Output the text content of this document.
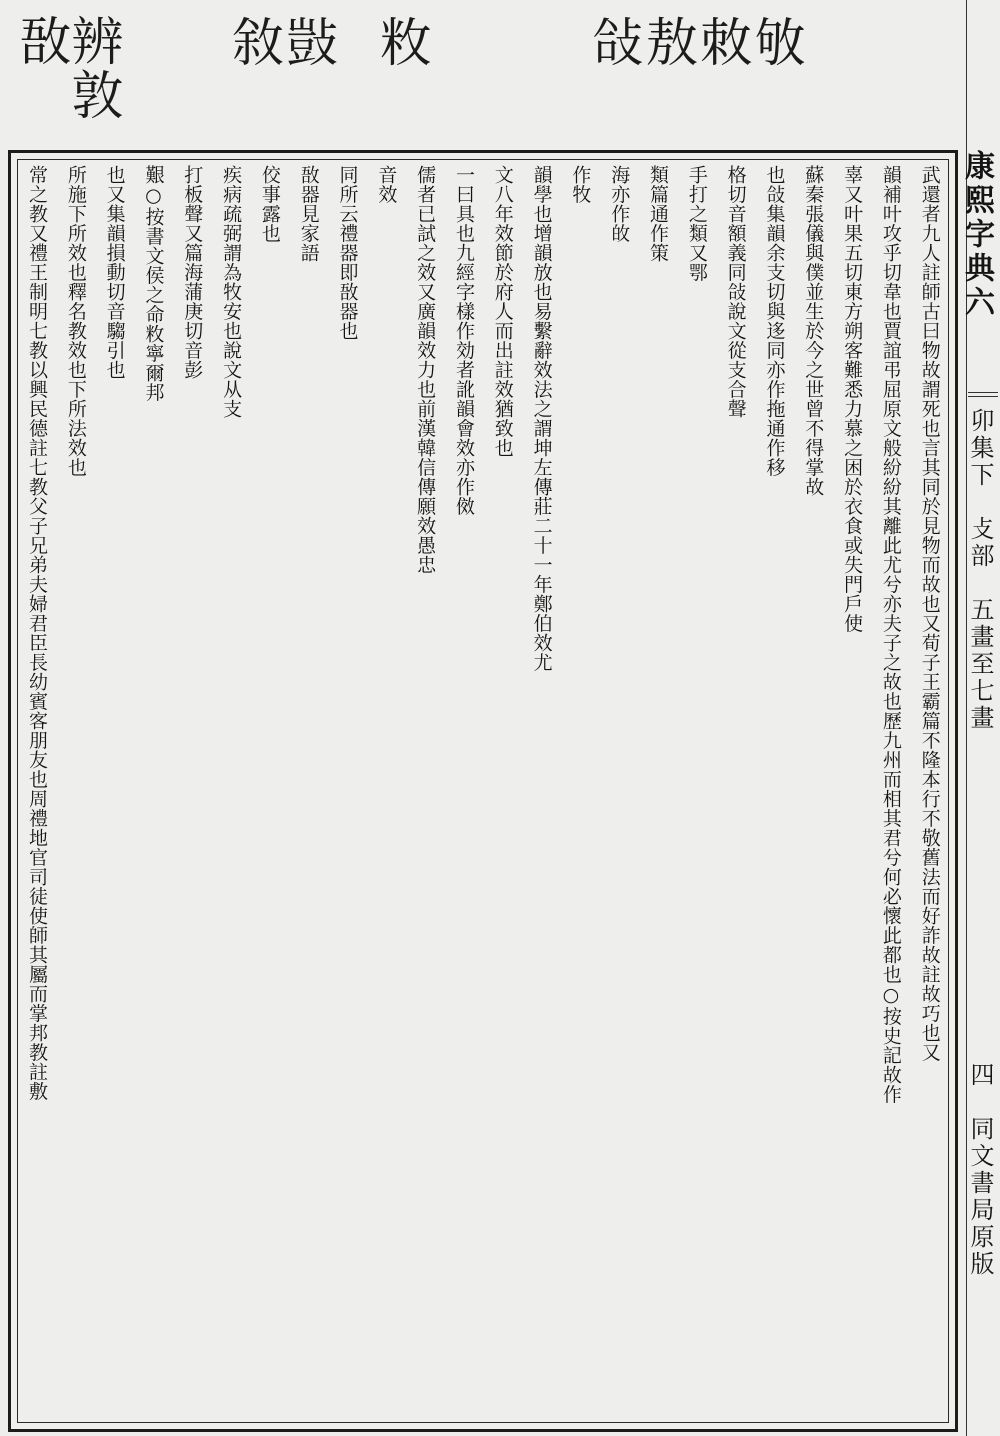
辨敦敔	敘敱 敉	敆敖敇敂
武還者九人註師古曰物故謂死也言其同於見物而故也又荀子王霸篇不隆本行不敬舊法而好詐故註故巧也又
韻補叶攻乎切韋也賈誼弔屈原文般紛紛其離此尤兮亦夫子之故也歷九州而相其君兮何必懷此都也○按史記故作
辜又叶果五切東方朔客難悉力慕之困於衣食或失門戶使
蘇秦張儀與僕並生於今之世曾不得掌故
也敆集韻余支切與迻同亦作拖通作移
格切音額義同敆說文從支合聲
手打之類又鄂
類篇通作策
海亦作敀
作牧
韻學也增韻放也易繫辭效法之謂坤左傳莊二十一年鄭伯效尤
文八年效節於府人而出註效猶致也
一曰具也九經字樣作効者訛韻會效亦作傚
儒者已試之效又廣韻效力也前漢韓信傳願效愚忠
音效
同所云禮器即敔器也
敔器見家語
佼事露也
疾病疏弼謂為牧安也說文从支
打板聲又篇海蒲庚切音彭
艱○按書文侯之命敉寧爾邦
也又集韻損動切音騶引也
所施下所效也釋名教效也下所法效也
常之教又禮王制明七教以興民德註七教父子兄弟夫婦君臣長幼賓客朋友也周禮地官司徒使師其屬而掌邦教註敷	康熙字典六
卯集下　攴部　五畫至七畫
四　同文書局原版
